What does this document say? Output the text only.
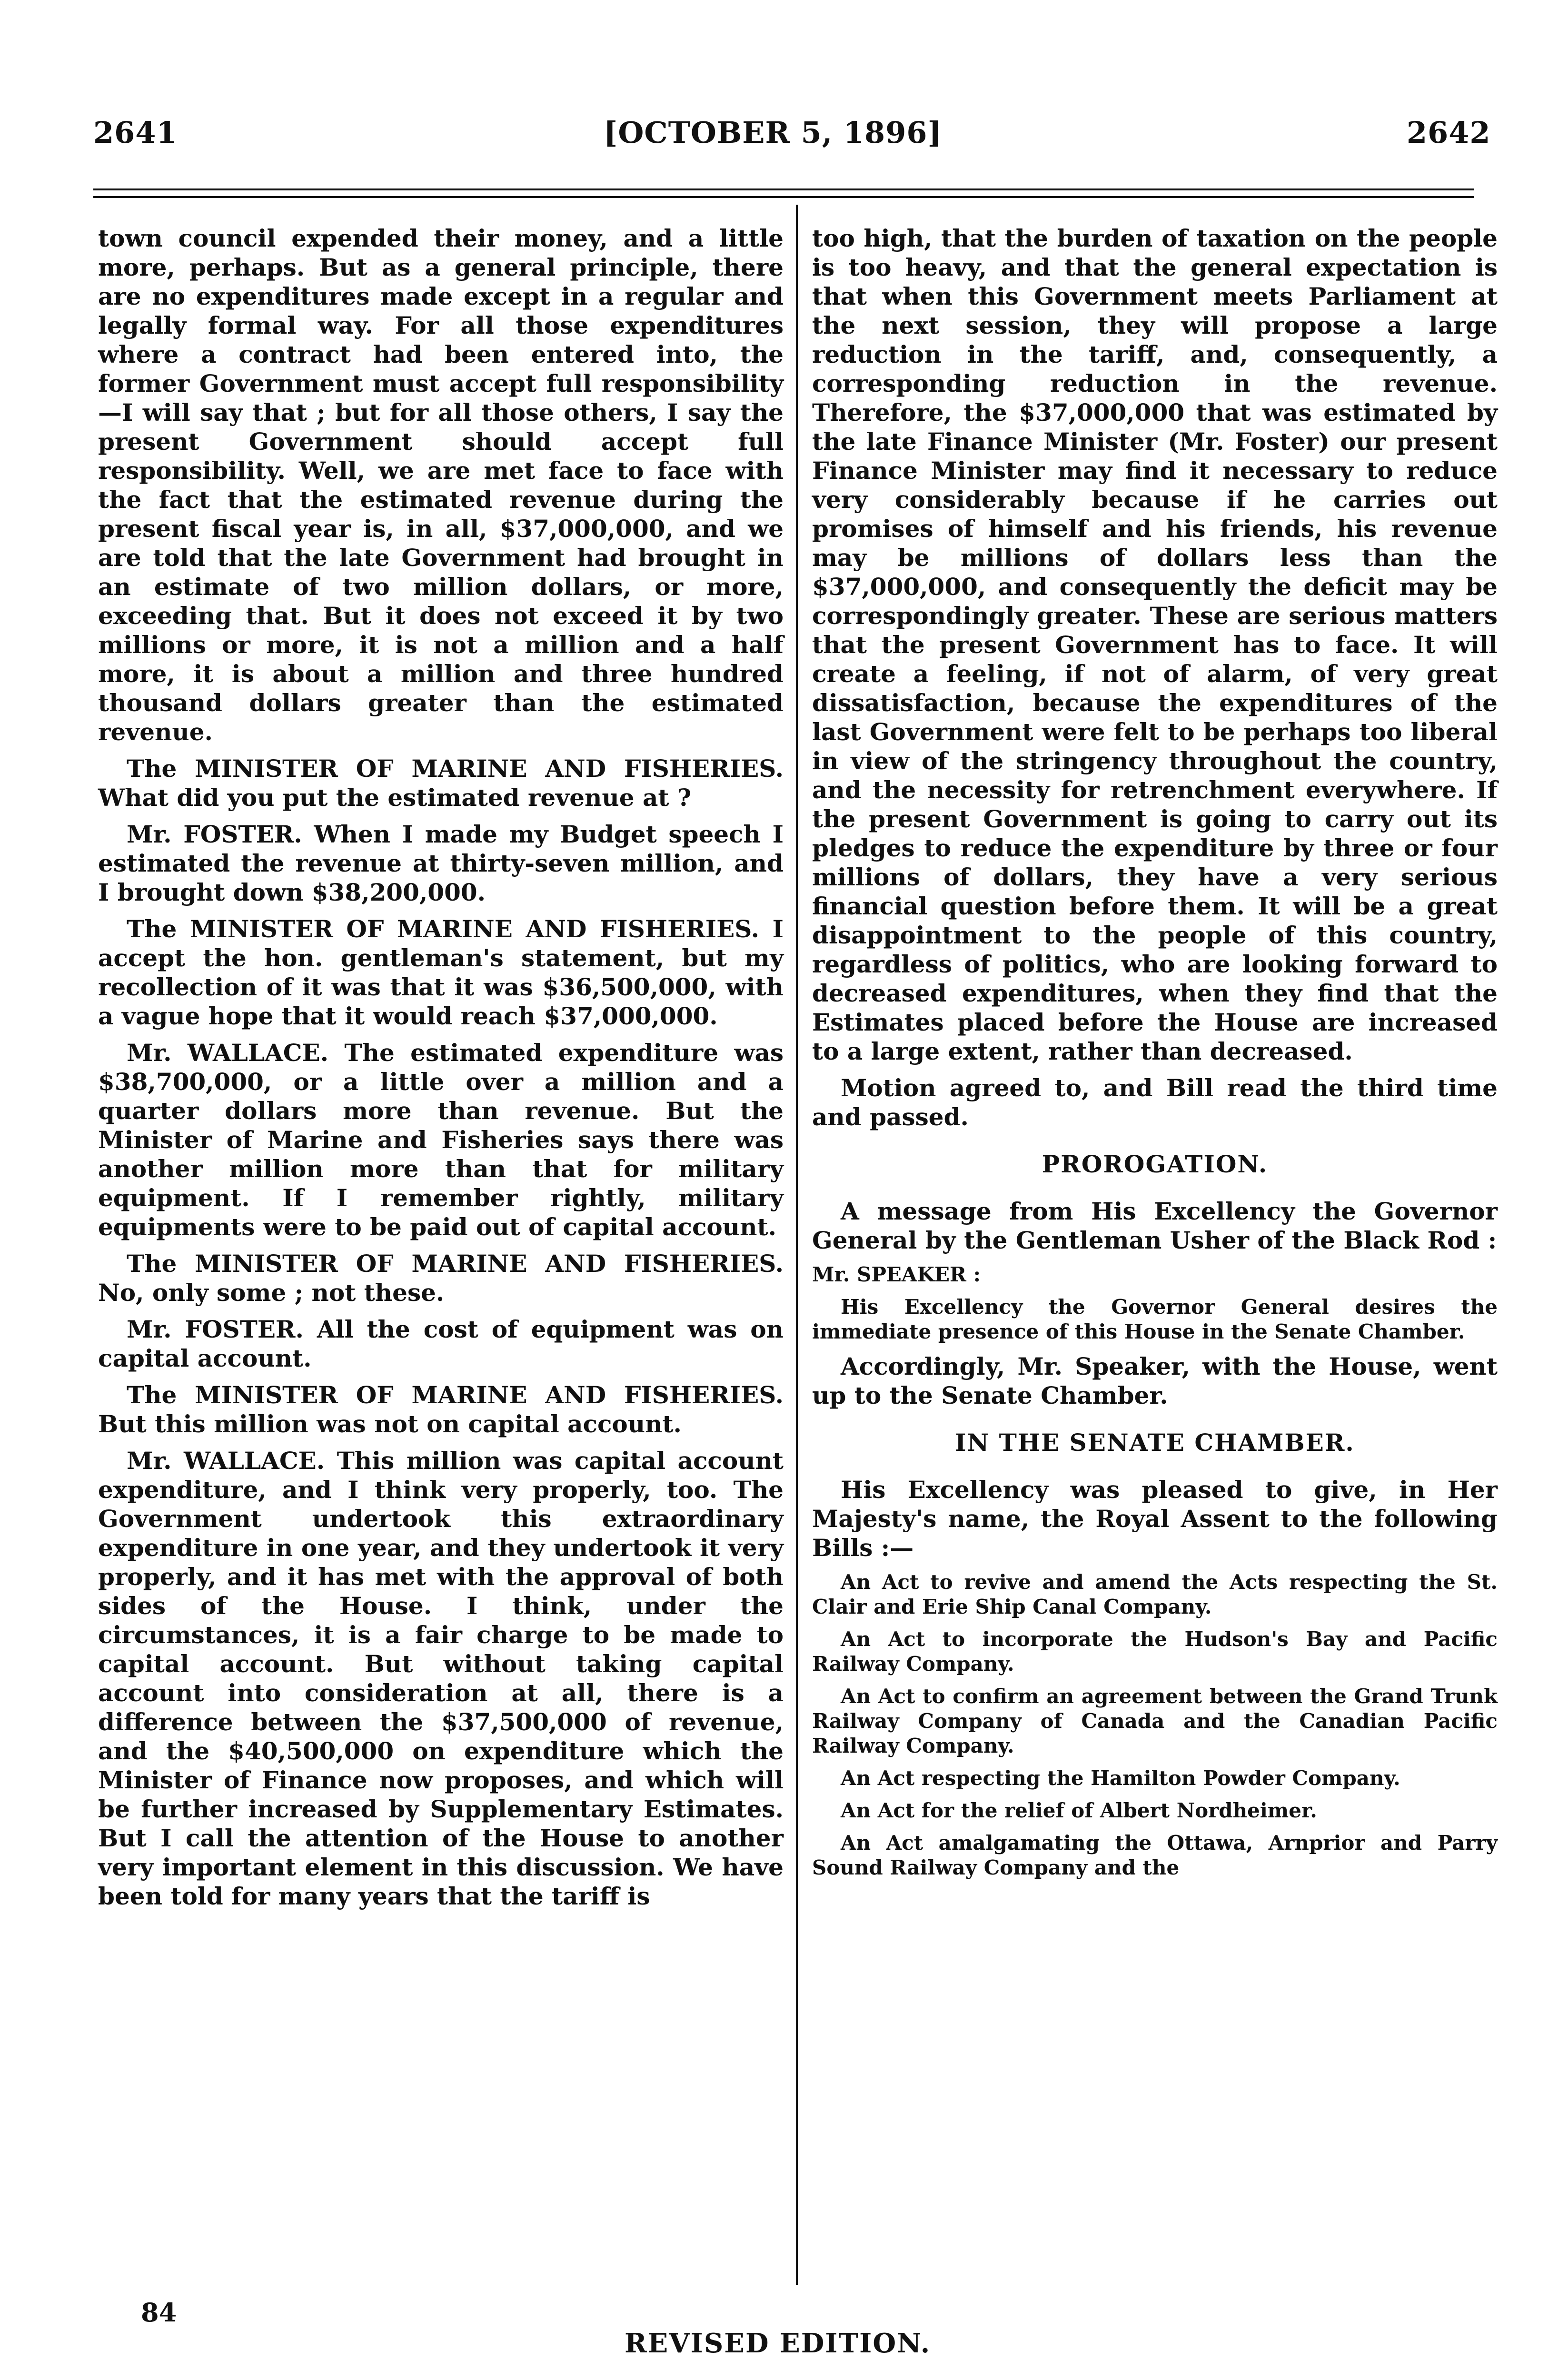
2641	[OCTOBER 5, 1896]	2642

town council expended their money, and a little more, perhaps. But as a general principle, there are no expenditures made except in a regular and legally formal way. For all those expenditures where a contract had been entered into, the former Government must accept full responsibility —I will say that ; but for all those others, I say the present Government should accept full responsibility. Well, we are met face to face with the fact that the estimated revenue during the present fiscal year is, in all, $37,000,000, and we are told that the late Government had brought in an estimate of two million dollars, or more, exceeding that. But it does not exceed it by two millions or more, it is not a million and a half more, it is about a million and three hundred thousand dollars greater than the estimated revenue.

The MINISTER OF MARINE AND FISHERIES. What did you put the estimated revenue at ?

Mr. FOSTER. When I made my Budget speech I estimated the revenue at thirty-seven million, and I brought down $38,200,000.

The MINISTER OF MARINE AND FISHERIES. I accept the hon. gentleman's statement, but my recollection of it was that it was $36,500,000, with a vague hope that it would reach $37,000,000.

Mr. WALLACE. The estimated expenditure was $38,700,000, or a little over a million and a quarter dollars more than revenue. But the Minister of Marine and Fisheries says there was another million more than that for military equipment. If I remember rightly, military equipments were to be paid out of capital account.

The MINISTER OF MARINE AND FISHERIES. No, only some ; not these.

Mr. FOSTER. All the cost of equipment was on capital account.

The MINISTER OF MARINE AND FISHERIES. But this million was not on capital account.

Mr. WALLACE. This million was capital account expenditure, and I think very properly, too. The Government undertook this extraordinary expenditure in one year, and they undertook it very properly, and it has met with the approval of both sides of the House. I think, under the circumstances, it is a fair charge to be made to capital account. But without taking capital account into consideration at all, there is a difference between the $37,500,000 of revenue, and the $40,500,000 on expenditure which the Minister of Finance now proposes, and which will be further increased by Supplementary Estimates. But I call the attention of the House to another very important element in this discussion. We have been told for many years that the tariff is

too high, that the burden of taxation on the people is too heavy, and that the general expectation is that when this Government meets Parliament at the next session, they will propose a large reduction in the tariff, and, consequently, a corresponding reduction in the revenue. Therefore, the $37,000,000 that was estimated by the late Finance Minister (Mr. Foster) our present Finance Minister may find it necessary to reduce very considerably because if he carries out promises of himself and his friends, his revenue may be millions of dollars less than the $37,000,000, and consequently the deficit may be correspondingly greater. These are serious matters that the present Government has to face. It will create a feeling, if not of alarm, of very great dissatisfaction, because the expenditures of the last Government were felt to be perhaps too liberal in view of the stringency throughout the country, and the necessity for retrenchment everywhere. If the present Government is going to carry out its pledges to reduce the expenditure by three or four millions of dollars, they have a very serious financial question before them. It will be a great disappointment to the people of this country, regardless of politics, who are looking forward to decreased expenditures, when they find that the Estimates placed before the House are increased to a large extent, rather than decreased.

Motion agreed to, and Bill read the third time and passed.

PROROGATION.

A message from His Excellency the Governor General by the Gentleman Usher of the Black Rod :

Mr. SPEAKER :

His Excellency the Governor General desires the immediate presence of this House in the Senate Chamber.

Accordingly, Mr. Speaker, with the House, went up to the Senate Chamber.

IN THE SENATE CHAMBER.

His Excellency was pleased to give, in Her Majesty's name, the Royal Assent to the following Bills :—

An Act to revive and amend the Acts respecting the St. Clair and Erie Ship Canal Company.

An Act to incorporate the Hudson's Bay and Pacific Railway Company.

An Act to confirm an agreement between the Grand Trunk Railway Company of Canada and the Canadian Pacific Railway Company.

An Act respecting the Hamilton Powder Company.

An Act for the relief of Albert Nordheimer.

An Act amalgamating the Ottawa, Arnprior and Parry Sound Railway Company and the

84
REVISED EDITION.
